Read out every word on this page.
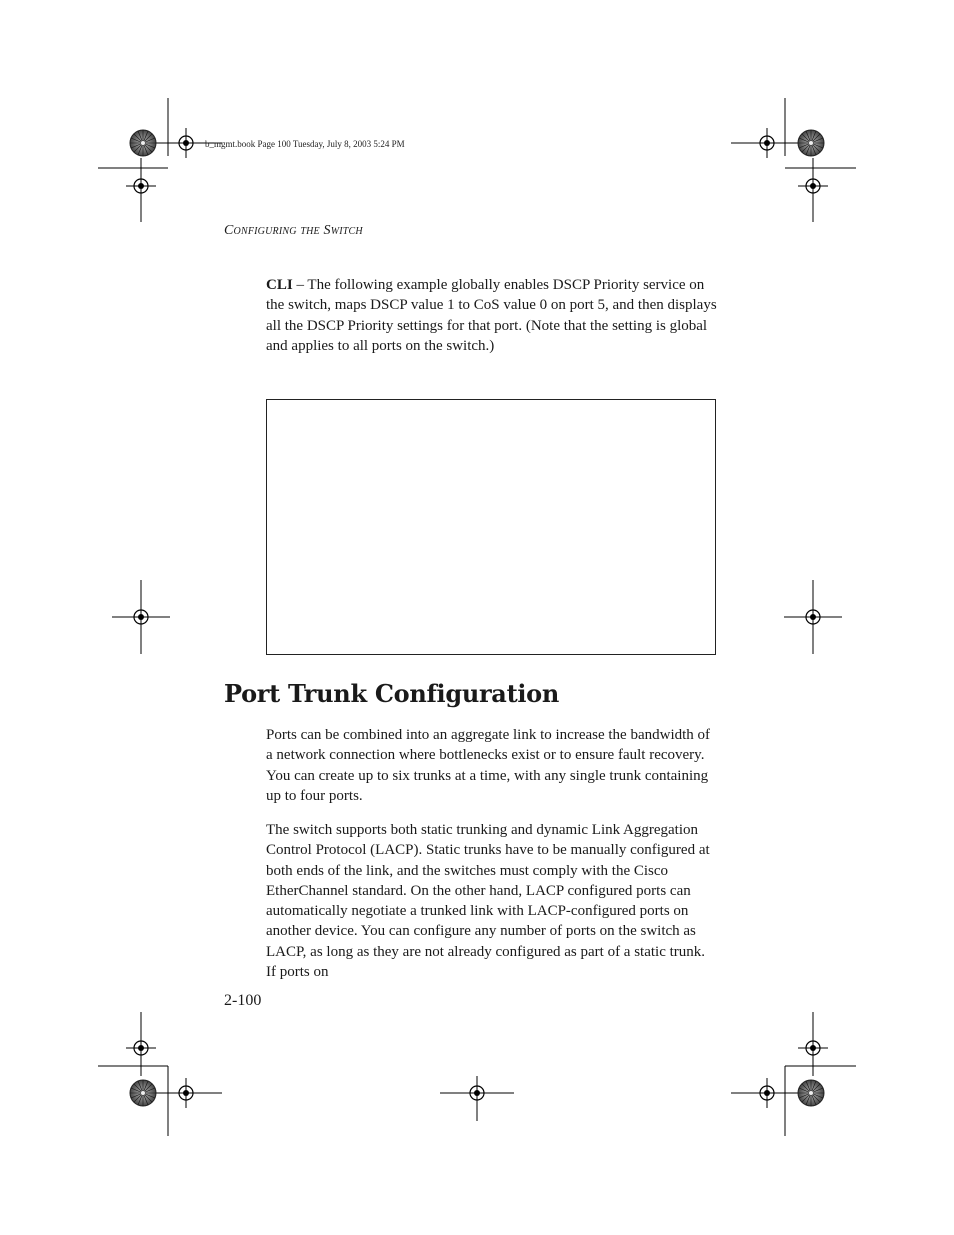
b_mgmt.book Page 100 Tuesday, July 8, 2003 5:24 PM
Configuring the Switch
CLI – The following example globally enables DSCP Priority service on the switch, maps DSCP value 1 to CoS value 0 on port 5, and then displays all the DSCP Priority settings for that port. (Note that the setting is global and applies to all ports on the switch.)
Port Trunk Configuration
Ports can be combined into an aggregate link to increase the bandwidth of a network connection where bottlenecks exist or to ensure fault recovery. You can create up to six trunks at a time, with any single trunk containing up to four ports.
The switch supports both static trunking and dynamic Link Aggregation Control Protocol (LACP). Static trunks have to be manually configured at both ends of the link, and the switches must comply with the Cisco EtherChannel standard. On the other hand, LACP configured ports can automatically negotiate a trunked link with LACP-configured ports on another device. You can configure any number of ports on the switch as LACP, as long as they are not already configured as part of a static trunk. If ports on
2-100
